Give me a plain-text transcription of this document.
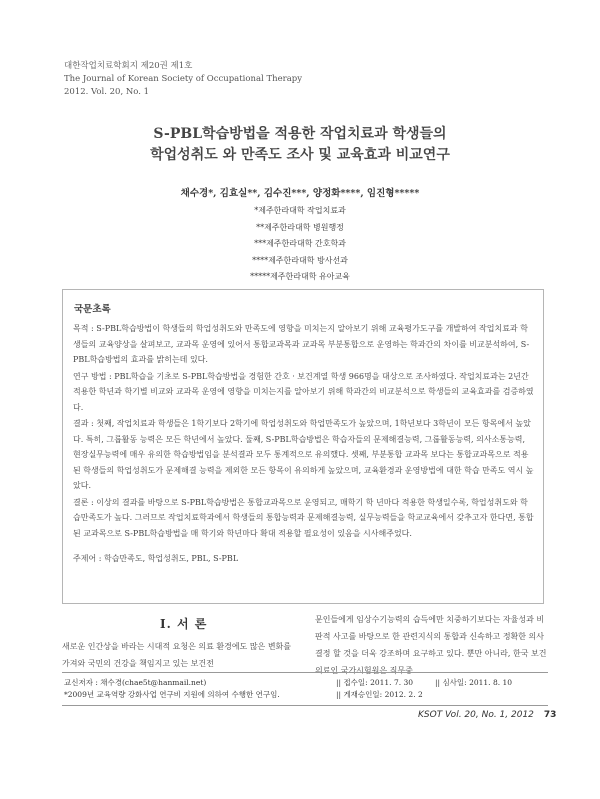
대한작업치료학회지 제20권 제1호
The Journal of Korean Society of Occupational Therapy
2012. Vol. 20, No. 1
S-PBL학습방법을 적용한 작업치료과 학생들의
학업성취도 와 만족도 조사 및 교육효과 비교연구
채수경*, 김효실**, 김수진***, 양정화****, 임진형*****
*제주한라대학 작업치료과
**제주한라대학 병원행정
***제주한라대학 간호학과
****제주한라대학 방사선과
*****제주한라대학 유아교육
국문초록

목적 : S-PBL학습방법이 학생들의 학업성취도와 만족도에 영향을 미치는지 알아보기 위해 교육평가도구를 개발하여 작업치료과 학생들의 교육양상을 살펴보고, 교과목 운영에 있어서 통합교과목과 교과목 부분통합으로 운영하는 학과간의 차이를 비교분석하여, S-PBL학습방법의 효과를 밝히는데 있다.

연구 방법 : PBL학습을 기초로 S-PBL학습방법을 경험한 간호 · 보건계열 학생 966명을 대상으로 조사하였다. 작업치료과는 2년간 적용한 학년과 학기별 비교와 교과목 운영에 영향을 미치는지를 알아보기 위해 학과간의 비교분석으로 학생들의 교육효과를 검증하였다.

결과 : 첫째, 작업치료과 학생들은 1학기보다 2학기에 학업성취도와 학업만족도가 높았으며, 1학년보다 3학년이 모든 항목에서 높았다. 특히, 그룹활동 능력은 모든 학년에서 높았다. 둘째, S-PBL학습방법은 학습자들의 문제해결능력, 그룹활동능력, 의사소통능력, 현장실무능력에 매우 유의한 학습방법임을 분석결과 모두 통계적으로 유의했다. 셋째, 부분통합 교과목 보다는 통합교과목으로 적용된 학생들의 학업성취도가 문제해결 능력을 제외한 모든 항목이 유의하게 높았으며, 교육환경과 운영방법에 대한 학습 만족도 역시 높았다.

결론 : 이상의 결과를 바탕으로 S-PBL학습방법은 통합교과목으로 운영되고, 매학기 학 년마다 적용한 학생일수록, 학업성취도와 학습만족도가 높다. 그러므로 작업치료학과에서 학생들의 통합능력과 문제해결능력, 실무능력들을 학교교육에서 갖추고자 한다면, 통합된 교과목으로 S-PBL학습방법을 매 학기와 학년마다 확대 적용할 필요성이 있음을 시사해주었다.

주제어 : 학습만족도, 학업성취도, PBL, S-PBL

Ⅰ. 서 론
새로운 인간상을 바라는 시대적 요청은 의료 환경에도 많은 변화를 가져와 국민의 건강을 책임지고 있는 보건전
문인들에게 임상수기능력의 습득에만 치중하기보다는 자율성과 비판적 사고를 바탕으로 한 관련지식의 통합과 신속하고 정확한 의사결정 할 것을 더욱 강조하며 요구하고 있다. 뿐만 아니라, 한국 보건의료인 국가시험원은 직무중
교신저자 : 채수경(chae5t@hanmail.net)
*2009년 교육역량 강화사업 연구비 지원에 의하여 수행한 연구임.
|| 접수일: 2011. 7. 30	|| 심사일: 2011. 8. 10
|| 게재승인일: 2012. 2. 2
KSOT Vol. 20, No. 1, 2012 73
